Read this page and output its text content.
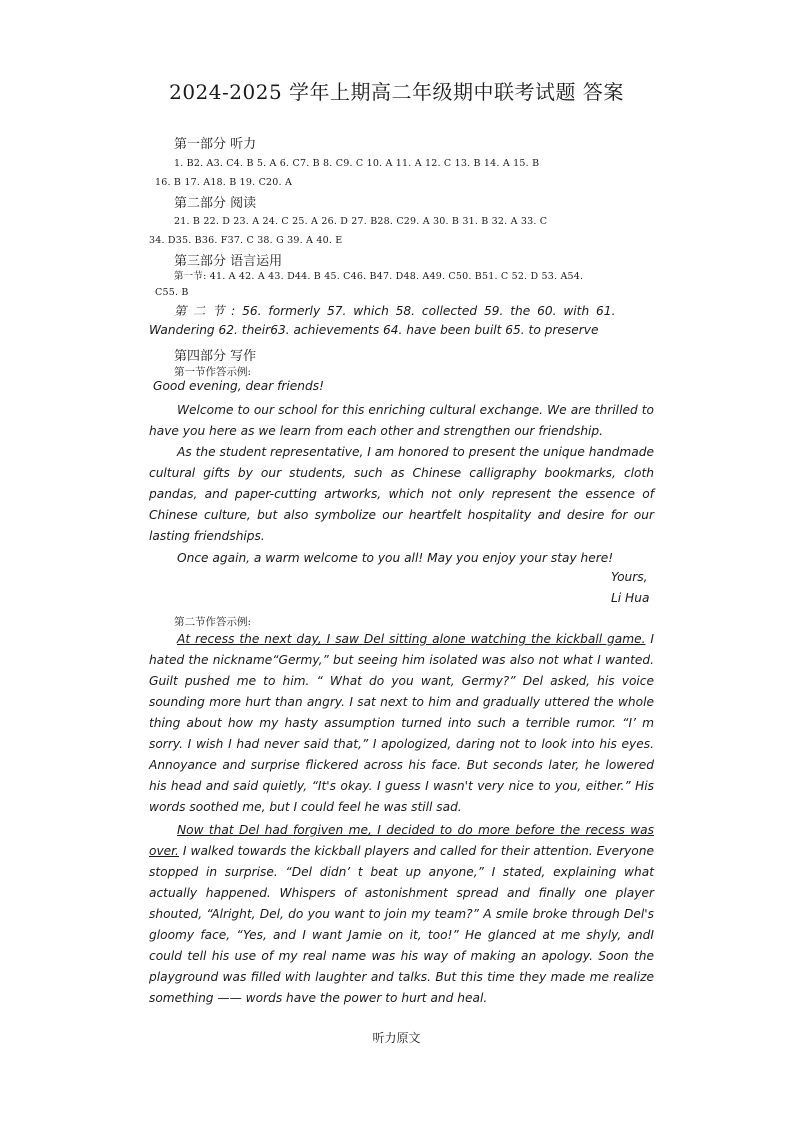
2024-2025 学年上期高二年级期中联考试题 答案
第一部分 听力
1. B2. A3. C4. B 5. A 6. C7. B 8. C9. C 10. A 11. A 12. C 13. B 14. A 15. B
16. B 17. A18. B 19. C20. A
第二部分 阅读
21. B 22. D 23. A 24. C 25. A 26. D 27. B28. C29. A 30. B 31. B 32. A 33. C
34. D35. B36. F37. C 38. G 39. A 40. E
第三部分 语言运用
第一节: 41. A 42. A 43. D44. B 45. C46. B47. D48. A49. C50. B51. C 52. D 53. A54.
C55. B
第 二 节 : 56. formerly 57. which 58. collected 59. the 60. with 61.
Wandering 62. their63. achievements 64. have been built 65. to preserve
第四部分 写作
第一节作答示例:
Good evening, dear friends!
Welcome to our school for this enriching cultural exchange. We are thrilled to have you here as we learn from each other and strengthen our friendship.
As the student representative, I am honored to present the unique handmade cultural gifts by our students, such as Chinese calligraphy bookmarks, cloth pandas, and paper-cutting artworks, which not only represent the essence of Chinese culture, but also symbolize our heartfelt hospitality and desire for our lasting friendships.
Once again, a warm welcome to you all! May you enjoy your stay here!
Yours,
Li Hua
第二节作答示例:
At recess the next day, I saw Del sitting alone watching the kickball game. I hated the nickname“Germy,” but seeing him isolated was also not what I wanted. Guilt pushed me to him. “ What do you want, Germy?” Del asked, his voice sounding more hurt than angry. I sat next to him and gradually uttered the whole thing about how my hasty assumption turned into such a terrible rumor. “I’ m sorry. I wish I had never said that,” I apologized, daring not to look into his eyes. Annoyance and surprise flickered across his face. But seconds later, he lowered his head and said quietly, “It's okay. I guess I wasn't very nice to you, either.” His words soothed me, but I could feel he was still sad.
Now that Del had forgiven me, I decided to do more before the recess was over. I walked towards the kickball players and called for their attention. Everyone stopped in surprise. “Del didn’ t beat up anyone,” I stated, explaining what actually happened. Whispers of astonishment spread and finally one player shouted, “Alright, Del, do you want to join my team?” A smile broke through Del's gloomy face, “Yes, and I want Jamie on it, too!” He glanced at me shyly, andI could tell his use of my real name was his way of making an apology. Soon the playground was filled with laughter and talks. But this time they made me realize something —— words have the power to hurt and heal.
听力原文
